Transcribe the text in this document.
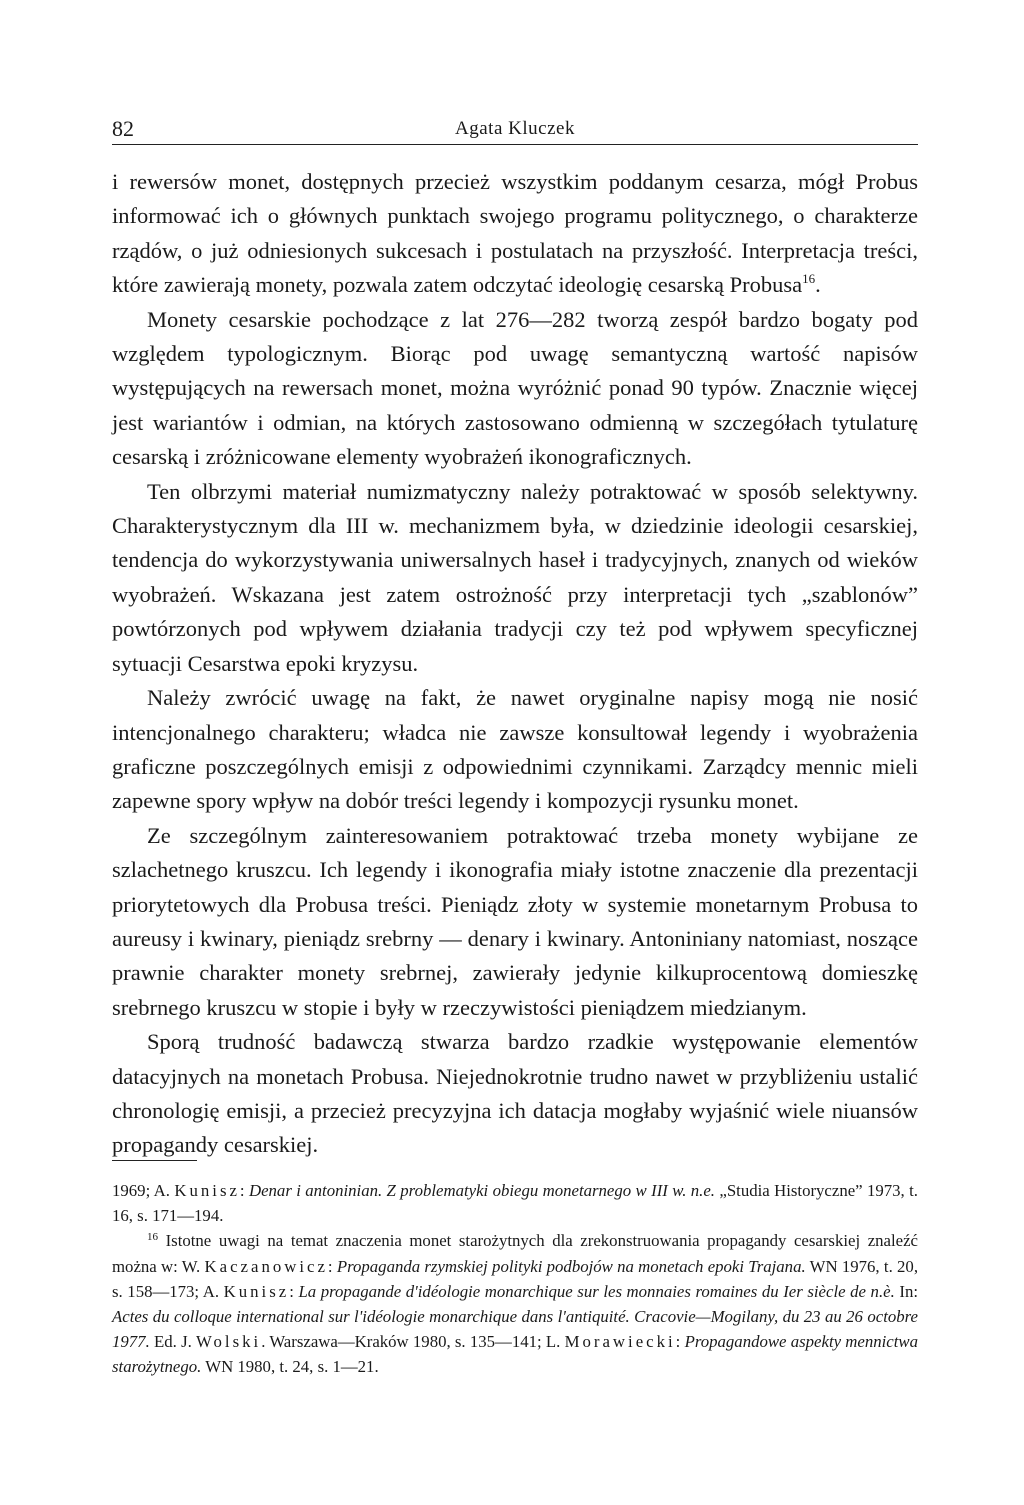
82	Agata Kluczek

i rewersów monet, dostępnych przecież wszystkim poddanym cesarza, mógł Probus informować ich o głównych punktach swojego programu politycznego, o charakterze rządów, o już odniesionych sukcesach i postulatach na przyszłość. Interpretacja treści, które zawierają monety, pozwala zatem odczytać ideologię cesarską Probusa$^{16}$.

Monety cesarskie pochodzące z lat 276—282 tworzą zespół bardzo bogaty pod względem typologicznym. Biorąc pod uwagę semantyczną wartość napisów występujących na rewersach monet, można wyróżnić ponad 90 typów. Znacznie więcej jest wariantów i odmian, na których zastosowano odmienną w szczegółach tytulaturę cesarską i zróżnicowane elementy wyobrażeń ikonograficznych.

Ten olbrzymi materiał numizmatyczny należy potraktować w sposób selektywny. Charakterystycznym dla III w. mechanizmem była, w dziedzinie ideologii cesarskiej, tendencja do wykorzystywania uniwersalnych haseł i tradycyjnych, znanych od wieków wyobrażeń. Wskazana jest zatem ostrożność przy interpretacji tych „szablonów” powtórzonych pod wpływem działania tradycji czy też pod wpływem specyficznej sytuacji Cesarstwa epoki kryzysu.

Należy zwrócić uwagę na fakt, że nawet oryginalne napisy mogą nie nosić intencjonalnego charakteru; władca nie zawsze konsultował legendy i wyobrażenia graficzne poszczególnych emisji z odpowiednimi czynnikami. Zarządcy mennic mieli zapewne spory wpływ na dobór treści legendy i kompozycji rysunku monet.

Ze szczególnym zainteresowaniem potraktować trzeba monety wybijane ze szlachetnego kruszcu. Ich legendy i ikonografia miały istotne znaczenie dla prezentacji priorytetowych dla Probusa treści. Pieniądz złoty w systemie monetarnym Probusa to aureusy i kwinary, pieniądz srebrny — denary i kwinary. Antoniniany natomiast, noszące prawnie charakter monety srebrnej, zawierały jedynie kilkuprocentową domieszkę srebrnego kruszcu w stopie i były w rzeczywistości pieniądzem miedzianym.

Sporą trudność badawczą stwarza bardzo rzadkie występowanie elementów datacyjnych na monetach Probusa. Niejednokrotnie trudno nawet w przybliżeniu ustalić chronologię emisji, a przecież precyzyjna ich datacja mogłaby wyjaśnić wiele niuansów propagandy cesarskiej.

1969; A. Kunisz: Denar i antoninian. Z problematyki obiegu monetarnego w III w. n.e. „Studia Historyczne” 1973, t. 16, s. 171—194.

$^{16}$ Istotne uwagi na temat znaczenia monet starożytnych dla zrekonstruowania propagandy cesarskiej znaleźć można w: W. Kaczanowicz: Propaganda rzymskiej polityki podbojów na monetach epoki Trajana. WN 1976, t. 20, s. 158—173; A. Kunisz: La propagande d'idéologie monarchique sur les monnaies romaines du Ier siècle de n.è. In: Actes du colloque international sur l'idéologie monarchique dans l'antiquité. Cracovie—Mogilany, du 23 au 26 octobre 1977. Ed. J. Wolski. Warszawa—Kraków 1980, s. 135—141; L. Morawiecki: Propagandowe aspekty mennictwa starożytnego. WN 1980, t. 24, s. 1—21.
